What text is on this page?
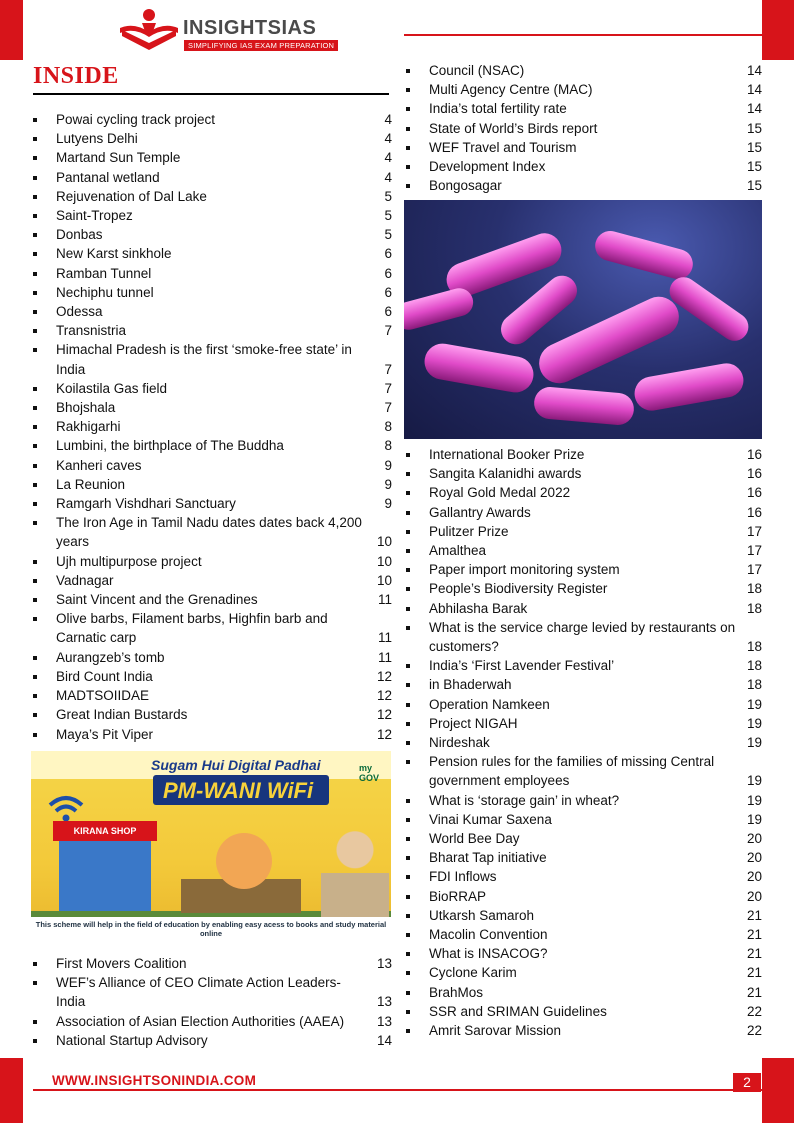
INSIGHTSIAS
SIMPLIFYING IAS EXAM PREPARATION
INSIDE
Powai cycling track project	4
Lutyens Delhi	4
Martand Sun Temple	4
Pantanal wetland	4
Rejuvenation of Dal Lake	5
Saint-Tropez	5
Donbas	5
New Karst sinkhole	6
Ramban Tunnel	6
Nechiphu tunnel	6
Odessa	6
Transnistria	7
Himachal Pradesh is the first ‘smoke-free state’ in India	7
Koilastila Gas field	7
Bhojshala	7
Rakhigarhi	8
Lumbini, the birthplace of The Buddha	8
Kanheri caves	9
La Reunion	9
Ramgarh Vishdhari Sanctuary	9
The Iron Age in Tamil Nadu dates dates back 4,200 years	10
Ujh multipurpose project	10
Vadnagar	10
Saint Vincent and the Grenadines	11
Olive barbs, Filament barbs, Highfin barb and Carnatic carp	11
Aurangzeb’s tomb	11
Bird Count India	12
MADTSOIIDAE	12
Great Indian Bustards	12
Maya’s Pit Viper	12
Sugam Hui Digital Padhai
PM-WANI WiFi
my GOV
KIRANA SHOP
This scheme will help in the field of education by enabling easy acess to books and study material online
First Movers Coalition	13
WEF’s Alliance of CEO Climate Action Leaders-India	13
Association of Asian Election Authorities (AAEA)	13
National Startup Advisory	14
Council (NSAC)	14
Multi Agency Centre (MAC)	14
India’s total fertility rate	14
State of World’s Birds report	15
WEF Travel and Tourism	15
Development Index	15
Bongosagar	15
International Booker Prize	16
Sangita Kalanidhi awards	16
Royal Gold Medal 2022	16
Gallantry Awards	16
Pulitzer Prize	17
Amalthea	17
Paper import monitoring system	17
People’s Biodiversity Register	18
Abhilasha Barak	18
What is the service charge levied by restaurants on customers?	18
India’s ‘First Lavender Festival’	18
in Bhaderwah	18
Operation Namkeen	19
Project NIGAH	19
Nirdeshak	19
Pension rules for the families of missing Central government employees	19
What is ‘storage gain’ in wheat?	19
Vinai Kumar Saxena	19
World Bee Day	20
Bharat Tap initiative	20
FDI Inflows	20
BioRRAP	20
Utkarsh Samaroh	21
Macolin Convention	21
What is INSACOG?	21
Cyclone Karim	21
BrahMos	21
SSR and SRIMAN Guidelines	22
Amrit Sarovar Mission	22
WWW.INSIGHTSONINDIA.COM	2
